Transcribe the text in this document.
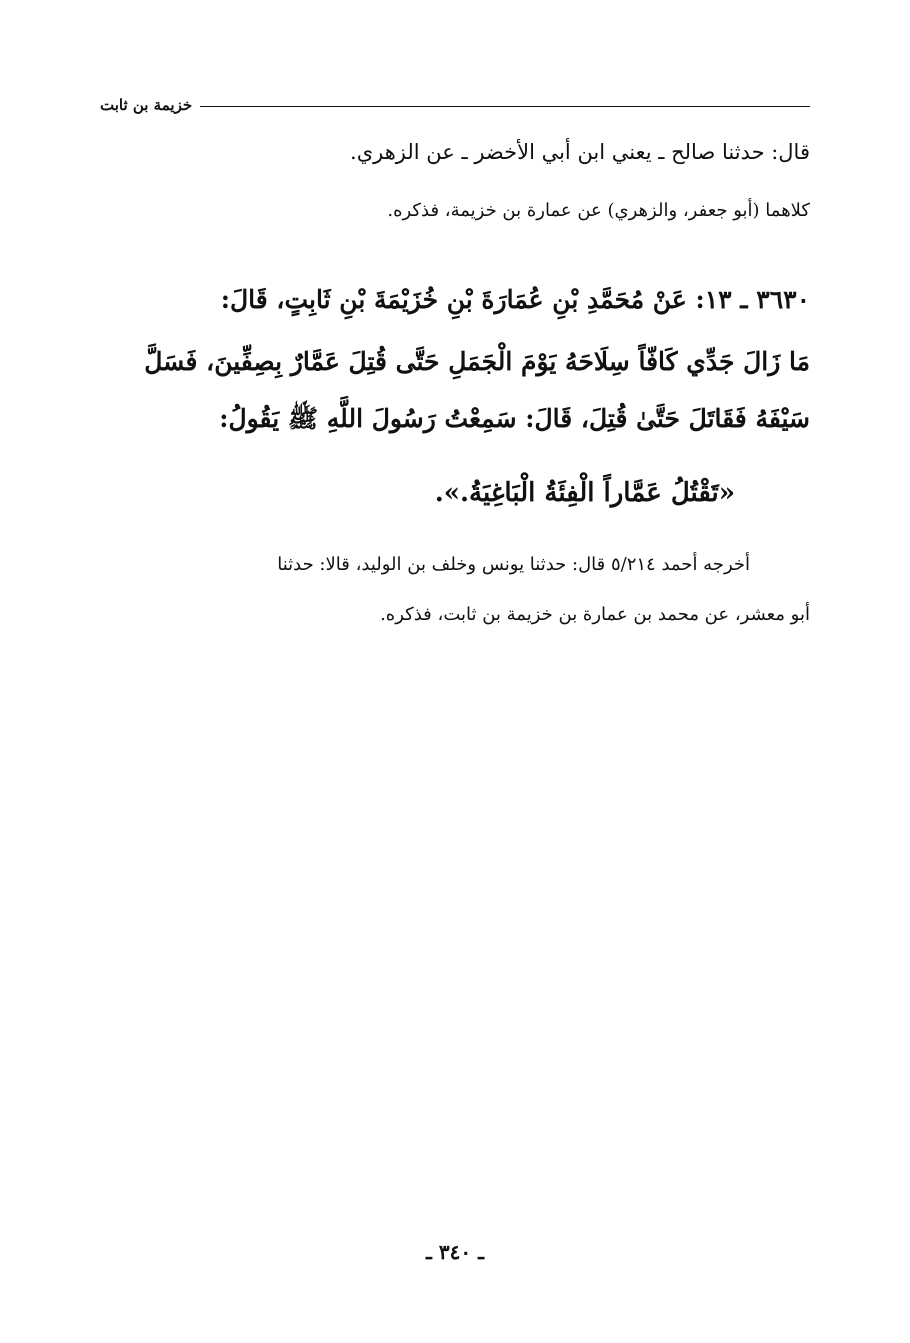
خزيمة بن ثابت
قال: حدثنا صالح ـ يعني ابن أبي الأخضر ـ عن الزهري.
كلاهما (أبو جعفر، والزهري) عن عمارة بن خزيمة، فذكره.
٣٦٣٠ ـ ١٣: عَنْ مُحَمَّدِ بْنِ عُمَارَةَ بْنِ خُزَيْمَةَ بْنِ ثَابِتٍ، قَالَ:
مَا زَالَ جَدِّي كَافّاً سِلَاحَهُ يَوْمَ الْجَمَلِ حَتَّى قُتِلَ عَمَّارٌ بِصِفِّينَ، فَسَلَّ
سَيْفَهُ فَقَاتَلَ حَتَّىٰ قُتِلَ، قَالَ: سَمِعْتُ رَسُولَ اللَّهِ ﷺ يَقُولُ:
«تَقْتُلُ عَمَّاراً الْفِئَةُ الْبَاغِيَةُ.».
أخرجه أحمد ٥/٢١٤ قال: حدثنا يونس وخلف بن الوليد، قالا: حدثنا
أبو معشر، عن محمد بن عمارة بن خزيمة بن ثابت، فذكره.
ـ ٣٤٠ ـ
